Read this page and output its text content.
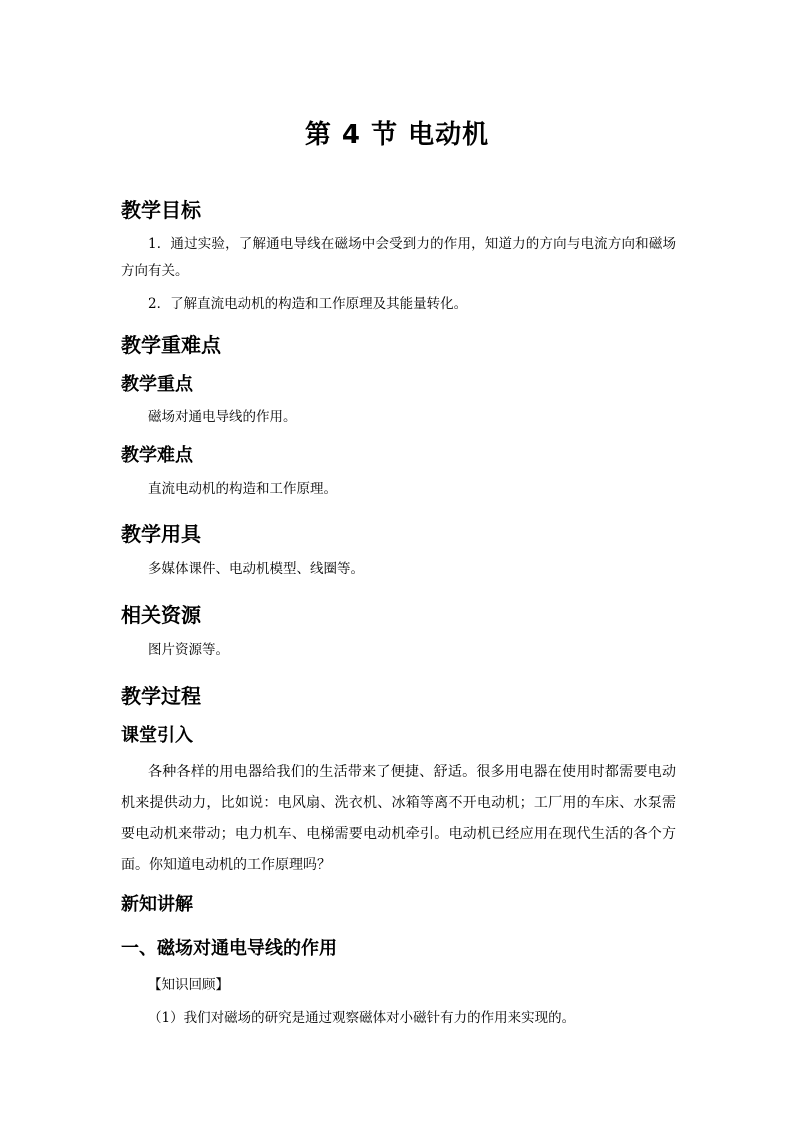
第 4 节 电动机
教学目标
1．通过实验，了解通电导线在磁场中会受到力的作用，知道力的方向与电流方向和磁场方向有关。
2．了解直流电动机的构造和工作原理及其能量转化。
教学重难点
教学重点
磁场对通电导线的作用。
教学难点
直流电动机的构造和工作原理。
教学用具
多媒体课件、电动机模型、线圈等。
相关资源
图片资源等。
教学过程
课堂引入
各种各样的用电器给我们的生活带来了便捷、舒适。很多用电器在使用时都需要电动机来提供动力，比如说：电风扇、洗衣机、冰箱等离不开电动机；工厂用的车床、水泵需要电动机来带动；电力机车、电梯需要电动机牵引。电动机已经应用在现代生活的各个方面。你知道电动机的工作原理吗？
新知讲解
一、磁场对通电导线的作用
【知识回顾】
（1）我们对磁场的研究是通过观察磁体对小磁针有力的作用来实现的。
